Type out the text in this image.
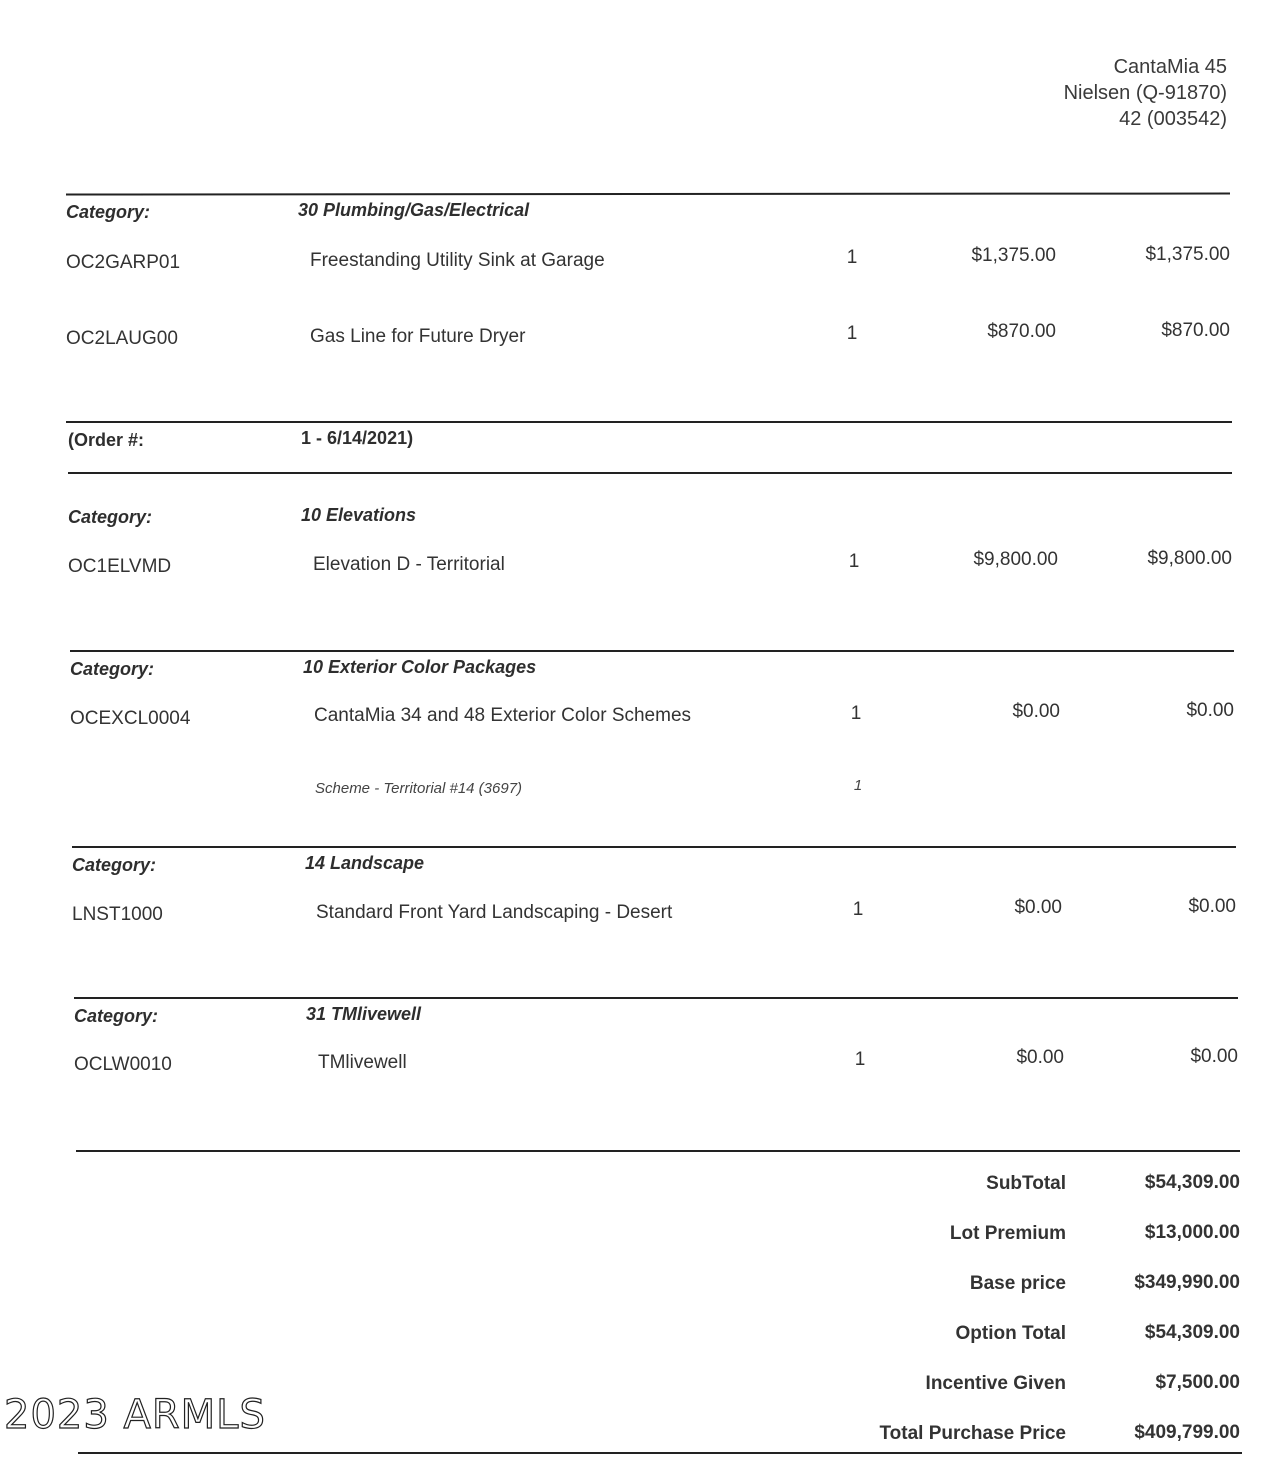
CantaMia 45
Nielsen (Q-91870)
42 (003542)
Category:	30 Plumbing/Gas/Electrical
OC2GARP01	Freestanding Utility Sink at Garage	1	$1,375.00	$1,375.00
OC2LAUG00	Gas Line for Future Dryer	1	$870.00	$870.00
(Order #:	1 - 6/14/2021)
Category:	10 Elevations
OC1ELVMD	Elevation D - Territorial	1	$9,800.00	$9,800.00
Category:	10 Exterior Color Packages
OCEXCL0004	CantaMia 34 and 48 Exterior Color Schemes	1	$0.00	$0.00
Scheme - Territorial #14 (3697)	1
Category:	14 Landscape
LNST1000	Standard Front Yard Landscaping - Desert	1	$0.00	$0.00
Category:	31 TMlivewell
OCLW0010	TMlivewell	1	$0.00	$0.00
SubTotal	$54,309.00
Lot Premium	$13,000.00
Base price	$349,990.00
Option Total	$54,309.00
Incentive Given	$7,500.00
Total Purchase Price	$409,799.00
2023 ARMLS
